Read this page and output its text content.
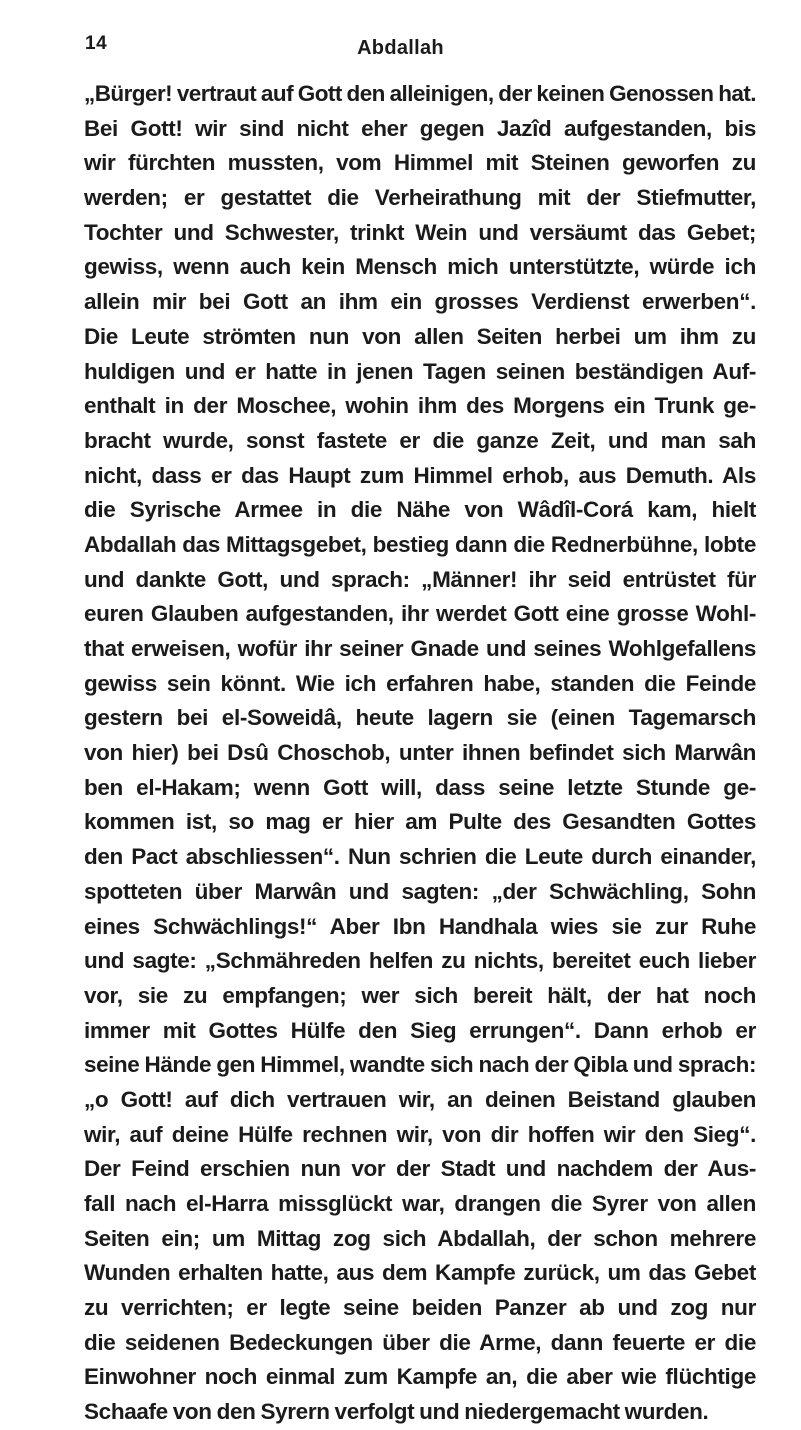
14	Abdallah
„Bürger! vertraut auf Gott den alleinigen, der keinen Genossen hat.
Bei Gott! wir sind nicht eher gegen Jazîd aufgestanden, bis
wir fürchten mussten, vom Himmel mit Steinen geworfen zu
werden; er gestattet die Verheirathung mit der Stiefmutter,
Tochter und Schwester, trinkt Wein und versäumt das Gebet;
gewiss, wenn auch kein Mensch mich unterstützte, würde ich
allein mir bei Gott an ihm ein grosses Verdienst erwerben“.
Die Leute strömten nun von allen Seiten herbei um ihm zu
huldigen und er hatte in jenen Tagen seinen beständigen Auf-
enthalt in der Moschee, wohin ihm des Morgens ein Trunk ge-
bracht wurde, sonst fastete er die ganze Zeit, und man sah
nicht, dass er das Haupt zum Himmel erhob, aus Demuth. Als
die Syrische Armee in die Nähe von Wâdîl-Corá kam, hielt
Abdallah das Mittagsgebet, bestieg dann die Rednerbühne, lobte
und dankte Gott, und sprach: „Männer! ihr seid entrüstet für
euren Glauben aufgestanden, ihr werdet Gott eine grosse Wohl-
that erweisen, wofür ihr seiner Gnade und seines Wohlgefallens
gewiss sein könnt. Wie ich erfahren habe, standen die Feinde
gestern bei el-Soweidâ, heute lagern sie (einen Tagemarsch
von hier) bei Dsû Choschob, unter ihnen befindet sich Marwân
ben el-Hakam; wenn Gott will, dass seine letzte Stunde ge-
kommen ist, so mag er hier am Pulte des Gesandten Gottes
den Pact abschliessen“. Nun schrien die Leute durch einander,
spotteten über Marwân und sagten: „der Schwächling, Sohn
eines Schwächlings!“ Aber Ibn Handhala wies sie zur Ruhe
und sagte: „Schmähreden helfen zu nichts, bereitet euch lieber
vor, sie zu empfangen; wer sich bereit hält, der hat noch
immer mit Gottes Hülfe den Sieg errungen“. Dann erhob er
seine Hände gen Himmel, wandte sich nach der Qibla und sprach:
„o Gott! auf dich vertrauen wir, an deinen Beistand glauben
wir, auf deine Hülfe rechnen wir, von dir hoffen wir den Sieg“.
Der Feind erschien nun vor der Stadt und nachdem der Aus-
fall nach el-Harra missglückt war, drangen die Syrer von allen
Seiten ein; um Mittag zog sich Abdallah, der schon mehrere
Wunden erhalten hatte, aus dem Kampfe zurück, um das Gebet
zu verrichten; er legte seine beiden Panzer ab und zog nur
die seidenen Bedeckungen über die Arme, dann feuerte er die
Einwohner noch einmal zum Kampfe an, die aber wie flüchtige
Schaafe von den Syrern verfolgt und niedergemacht wurden.
